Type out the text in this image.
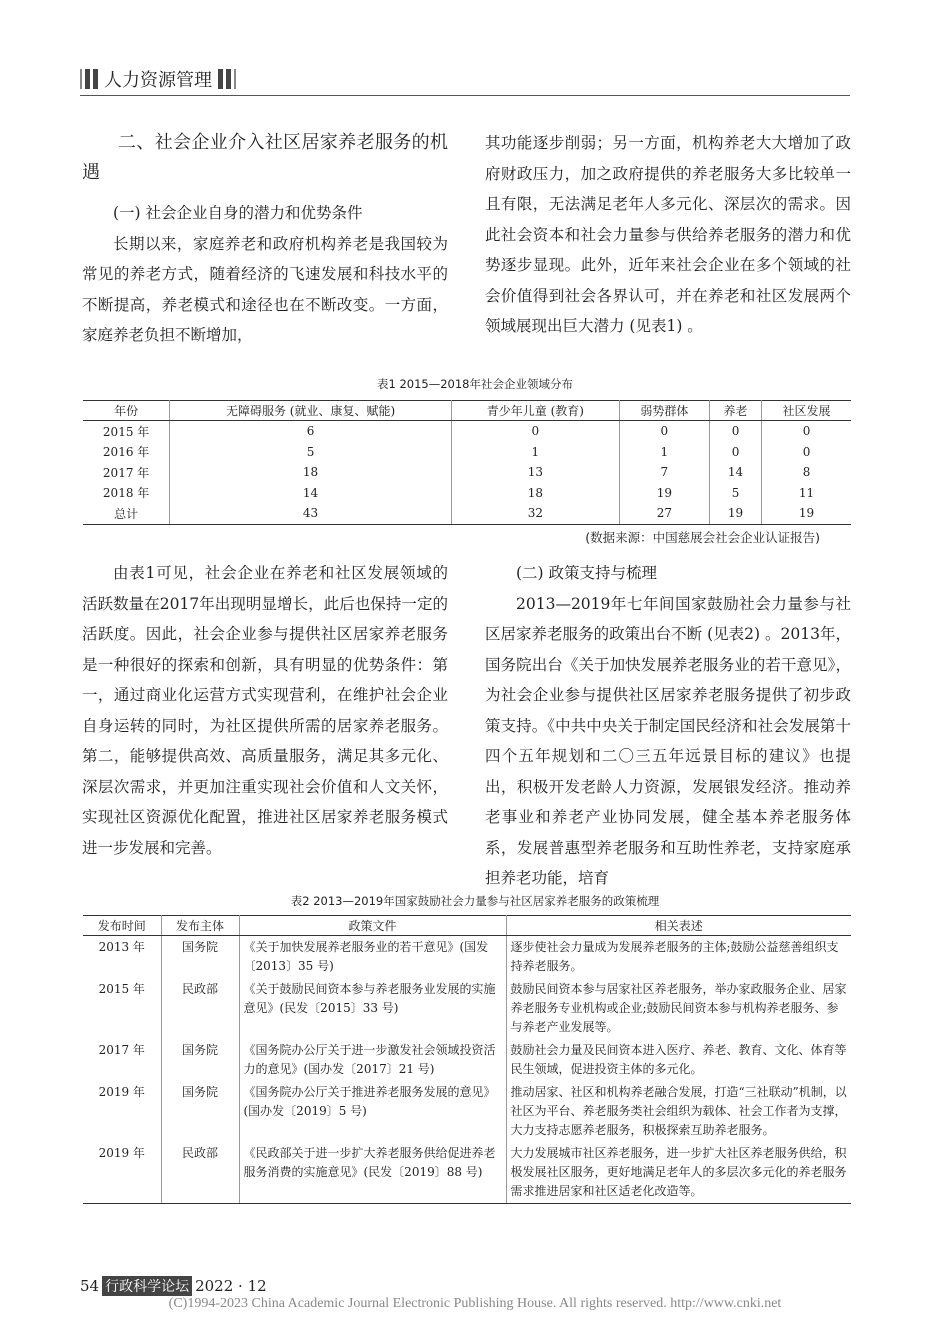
人力资源管理
二、社会企业介入社区居家养老服务的机遇

(一) 社会企业自身的潜力和优势条件

长期以来，家庭养老和政府机构养老是我国较为常见的养老方式，随着经济的飞速发展和科技水平的不断提高，养老模式和途径也在不断改变。一方面，家庭养老负担不断增加，

其功能逐步削弱；另一方面，机构养老大大增加了政府财政压力，加之政府提供的养老服务大多比较单一且有限，无法满足老年人多元化、深层次的需求。因此社会资本和社会力量参与供给养老服务的潜力和优势逐步显现。此外，近年来社会企业在多个领域的社会价值得到社会各界认可，并在养老和社区发展两个领域展现出巨大潜力 (见表1) 。

表1 2015—2018年社会企业领域分布
年份	无障碍服务 (就业、康复、赋能)	青少年儿童 (教育)	弱势群体	养老	社区发展
2015 年	6	0	0	0	0
2016 年	5	1	1	0	0
2017 年	18	13	7	14	8
2018 年	14	18	19	5	11
总计	43	32	27	19	19
(数据来源：中国慈展会社会企业认证报告)

由表1可见，社会企业在养老和社区发展领域的活跃数量在2017年出现明显增长，此后也保持一定的活跃度。因此，社会企业参与提供社区居家养老服务是一种很好的探索和创新，具有明显的优势条件：第一，通过商业化运营方式实现营利，在维护社会企业自身运转的同时，为社区提供所需的居家养老服务。第二，能够提供高效、高质量服务，满足其多元化、深层次需求，并更加注重实现社会价值和人文关怀，实现社区资源优化配置，推进社区居家养老服务模式进一步发展和完善。

(二) 政策支持与梳理

2013—2019年七年间国家鼓励社会力量参与社区居家养老服务的政策出台不断 (见表2) 。2013年，国务院出台《关于加快发展养老服务业的若干意见》，为社会企业参与提供社区居家养老服务提供了初步政策支持。《中共中央关于制定国民经济和社会发展第十四个五年规划和二〇三五年远景目标的建议》也提出，积极开发老龄人力资源，发展银发经济。推动养老事业和养老产业协同发展，健全基本养老服务体系，发展普惠型养老服务和互助性养老，支持家庭承担养老功能，培育

表2 2013—2019年国家鼓励社会力量参与社区居家养老服务的政策梳理
发布时间	发布主体	政策文件	相关表述
2013 年	国务院	《关于加快发展养老服务业的若干意见》(国发〔2013〕35 号)	逐步使社会力量成为发展养老服务的主体;鼓励公益慈善组织支持养老服务。
2015 年	民政部	《关于鼓励民间资本参与养老服务业发展的实施意见》(民发〔2015〕33 号)	鼓励民间资本参与居家社区养老服务，举办家政服务企业、居家养老服务专业机构或企业;鼓励民间资本参与机构养老服务、参与养老产业发展等。
2017 年	国务院	《国务院办公厅关于进一步激发社会领域投资活力的意见》(国办发〔2017〕21 号)	鼓励社会力量及民间资本进入医疗、养老、教育、文化、体育等民生领域，促进投资主体的多元化。
2019 年	国务院	《国务院办公厅关于推进养老服务发展的意见》(国办发〔2019〕5 号)	推动居家、社区和机构养老融合发展，打造“三社联动”机制，以社区为平台、养老服务类社会组织为载体、社会工作者为支撑，大力支持志愿养老服务，积极探索互助养老服务。
2019 年	民政部	《民政部关于进一步扩大养老服务供给促进养老服务消费的实施意见》(民发〔2019〕88 号)	大力发展城市社区养老服务，进一步扩大社区养老服务供给，积极发展社区服务，更好地满足老年人的多层次多元化的养老服务需求推进居家和社区适老化改造等。
54 行政科学论坛 2022 · 12
(C)1994-2023 China Academic Journal Electronic Publishing House. All rights reserved. http://www.cnki.net
